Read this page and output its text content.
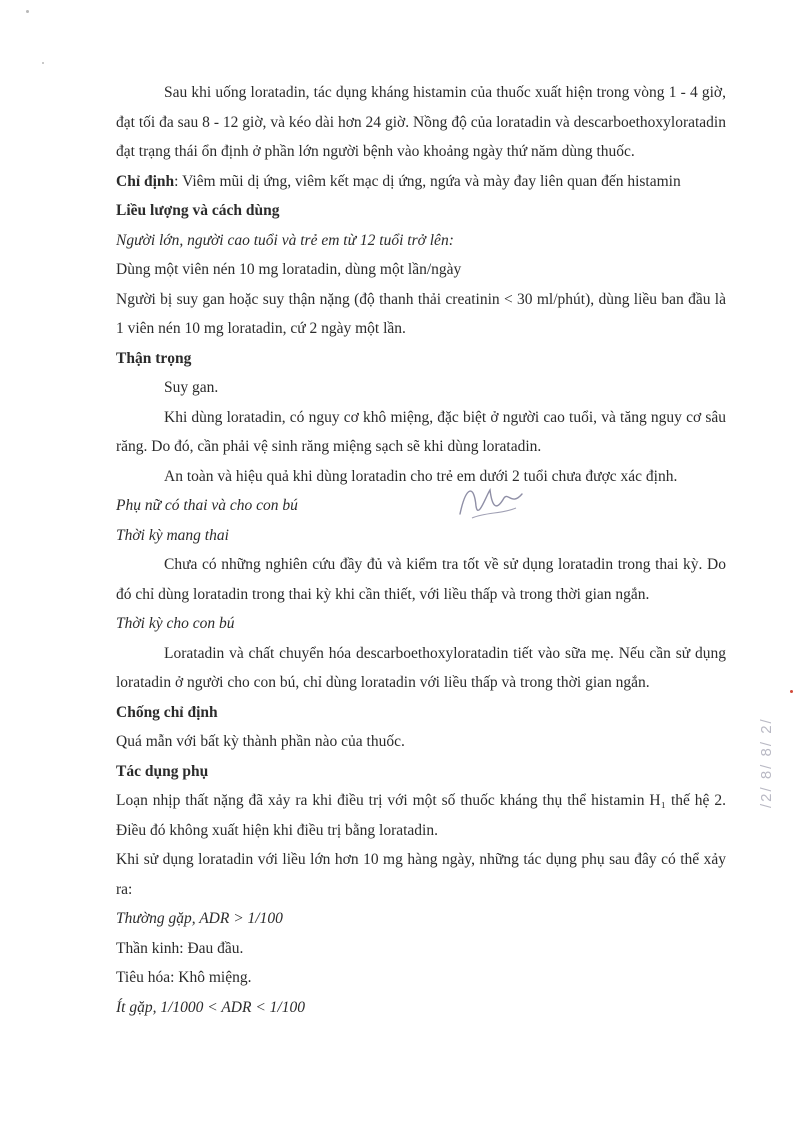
/2/ 8/ 8/ 2/

Sau khi uống loratadin, tác dụng kháng histamin của thuốc xuất hiện trong vòng 1 - 4 giờ, đạt tối đa sau 8 - 12 giờ, và kéo dài hơn 24 giờ. Nồng độ của loratadin và descarboethoxyloratadin đạt trạng thái ổn định ở phần lớn người bệnh vào khoảng ngày thứ năm dùng thuốc.

Chỉ định: Viêm mũi dị ứng, viêm kết mạc dị ứng, ngứa và mày đay liên quan đến histamin

Liều lượng và cách dùng

Người lớn, người cao tuổi và trẻ em từ 12 tuổi trở lên:

Dùng một viên nén 10 mg loratadin, dùng một lần/ngày

Người bị suy gan hoặc suy thận nặng (độ thanh thải creatinin < 30 ml/phút), dùng liều ban đầu là 1 viên nén 10 mg loratadin, cứ 2 ngày một lần.

Thận trọng

Suy gan.

Khi dùng loratadin, có nguy cơ khô miệng, đặc biệt ở người cao tuổi, và tăng nguy cơ sâu răng. Do đó, cần phải vệ sinh răng miệng sạch sẽ khi dùng loratadin.

An toàn và hiệu quả khi dùng loratadin cho trẻ em dưới 2 tuổi chưa được xác định.

Phụ nữ có thai và cho con bú

Thời kỳ mang thai

Chưa có những nghiên cứu đầy đủ và kiểm tra tốt về sử dụng loratadin trong thai kỳ. Do đó chỉ dùng loratadin trong thai kỳ khi cần thiết, với liều thấp và trong thời gian ngắn.

Thời kỳ cho con bú

Loratadin và chất chuyển hóa descarboethoxyloratadin tiết vào sữa mẹ. Nếu cần sử dụng loratadin ở người cho con bú, chỉ dùng loratadin với liều thấp và trong thời gian ngắn.

Chống chỉ định

Quá mẫn với bất kỳ thành phần nào của thuốc.

Tác dụng phụ

Loạn nhịp thất nặng đã xảy ra khi điều trị với một số thuốc kháng thụ thể histamin H₁ thế hệ 2. Điều đó không xuất hiện khi điều trị bằng loratadin.

Khi sử dụng loratadin với liều lớn hơn 10 mg hàng ngày, những tác dụng phụ sau đây có thể xảy ra:

Thường gặp, ADR > 1/100

Thần kinh: Đau đầu.

Tiêu hóa: Khô miệng.

Ít gặp, 1/1000 < ADR < 1/100
